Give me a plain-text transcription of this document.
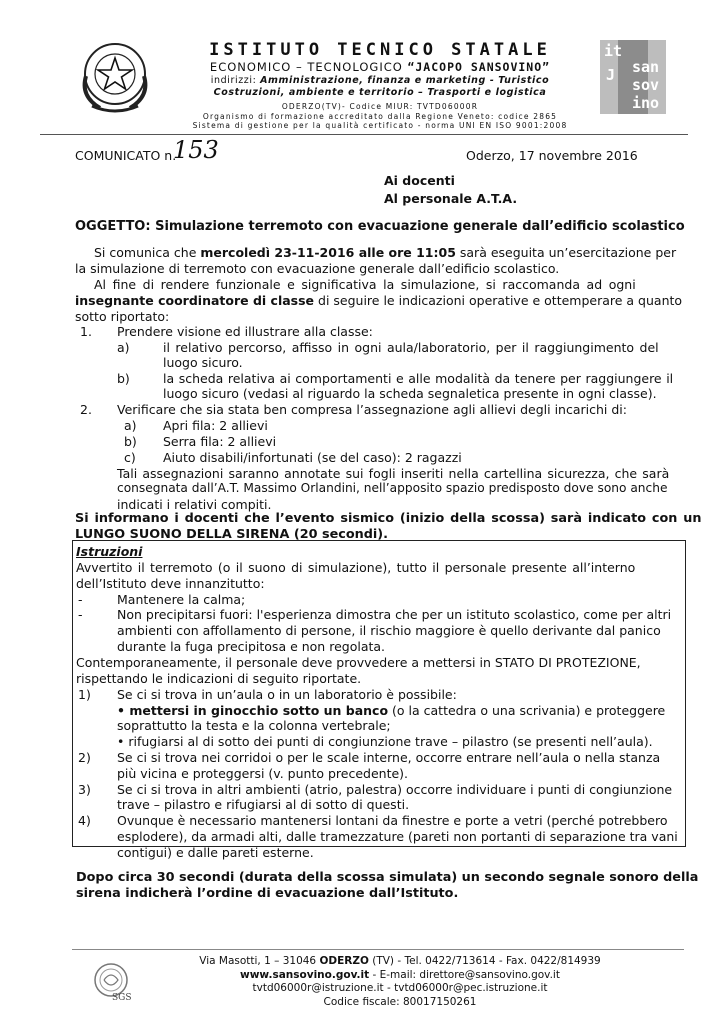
ISTITUTO TECNICO STATALE
ECONOMICO – TECNOLOGICO “JACOPO SANSOVINO”
indirizzi: Amministrazione, finanza e marketing - Turistico
Costruzioni, ambiente e territorio – Trasporti e logistica
ODERZO(TV)- Codice MIUR: TVTD06000R
Organismo di formazione accreditato dalla Regione Veneto: codice 2865
Sistema di gestione per la qualità certificato - norma UNI EN ISO 9001:2008
it
san
J
sov
ino
COMUNICATO n.
153	Oderzo, 17 novembre 2016
Ai docenti
Al personale A.T.A.
OGGETTO: Simulazione terremoto con evacuazione generale dall’edificio scolastico
Si comunica che mercoledì 23-11-2016 alle ore 11:05 sarà eseguita un’esercitazione per
la simulazione di terremoto con evacuazione generale dall’edificio scolastico.
Al fine di rendere funzionale e significativa la simulazione, si raccomanda ad ogni
insegnante coordinatore di classe di seguire le indicazioni operative e ottemperare a quanto
sotto riportato:
1. Prendere visione ed illustrare alla classe:
a)	il relativo percorso, affisso in ogni aula/laboratorio, per il raggiungimento del
luogo sicuro.
b)	la scheda relativa ai comportamenti e alle modalità da tenere per raggiungere il
luogo sicuro (vedasi al riguardo la scheda segnaletica presente in ogni classe).
2. Verificare che sia stata ben compresa l’assegnazione agli allievi degli incarichi di:
a) Apri fila: 2 allievi
b) Serra fila: 2 allievi
c) Aiuto disabili/infortunati (se del caso): 2 ragazzi
Tali assegnazioni saranno annotate sui fogli inseriti nella cartellina sicurezza, che sarà
consegnata dall’A.T. Massimo Orlandini, nell’apposito spazio predisposto dove sono anche
indicati i relativi compiti.
Si informano i docenti che l’evento sismico (inizio della scossa) sarà indicato con un
LUNGO SUONO DELLA SIRENA (20 secondi).
Istruzioni
Avvertito il terremoto (o il suono di simulazione), tutto il personale presente all’interno
dell’Istituto deve innanzitutto:
-	Mantenere la calma;
-	Non precipitarsi fuori: l'esperienza dimostra che per un istituto scolastico, come per altri
ambienti con affollamento di persone, il rischio maggiore è quello derivante dal panico
durante la fuga precipitosa e non regolata.
Contemporaneamente, il personale deve provvedere a mettersi in STATO DI PROTEZIONE,
rispettando le indicazioni di seguito riportate.
1) Se ci si trova in un’aula o in un laboratorio è possibile:
• mettersi in ginocchio sotto un banco (o la cattedra o una scrivania) e proteggere
soprattutto la testa e la colonna vertebrale;
• rifugiarsi al di sotto dei punti di congiunzione trave – pilastro (se presenti nell’aula).
2) Se ci si trova nei corridoi o per le scale interne, occorre entrare nell’aula o nella stanza
più vicina e proteggersi (v. punto precedente).
3) Se ci si trova in altri ambienti (atrio, palestra) occorre individuare i punti di congiunzione
trave – pilastro e rifugiarsi al di sotto di questi.
4) Ovunque è necessario mantenersi lontani da finestre e porte a vetri (perché potrebbero
esplodere), da armadi alti, dalle tramezzature (pareti non portanti di separazione tra vani
contigui) e dalle pareti esterne.
Dopo circa 30 secondi (durata della scossa simulata) un secondo segnale sonoro della
sirena indicherà l’ordine di evacuazione dall’Istituto.
SGS
Via Masotti, 1 – 31046 ODERZO (TV) - Tel. 0422/713614 - Fax. 0422/814939
www.sansovino.gov.it - E-mail: direttore@sansovino.gov.it
tvtd06000r@istruzione.it - tvtd06000r@pec.istruzione.it
Codice fiscale: 80017150261
